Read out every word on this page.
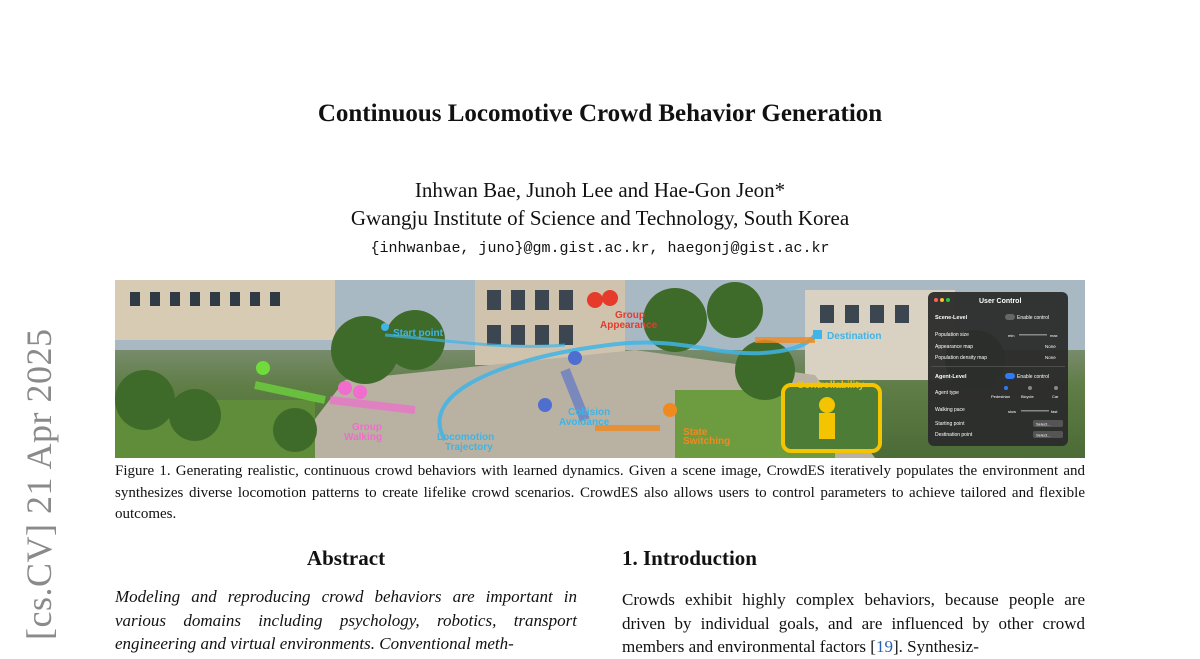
[cs.CV] 21 Apr 2025
Continuous Locomotive Crowd Behavior Generation
Inhwan Bae, Junoh Lee and Hae-Gon Jeon*
Gwangju Institute of Science and Technology, South Korea
{inhwanbae, juno}@gm.gist.ac.kr, haegonj@gist.ac.kr
Start point	Destination
Group
Appearance
Group
Walking	Locomotion
Trajectory
Collision
Avoidance
State
Switching
Controllability
User Control
Scene-Level	Enable control
Population size	min	max
Appearance map	None
Population density map	None
Agent-Level	Enable control
Agent type
Pedestrian	Bicycle	Car
Walking pace	slow	fast
Starting point	Select...
Destination point	Select...
Figure 1. Generating realistic, continuous crowd behaviors with learned dynamics. Given a scene image, CrowdES iteratively populates the environment and synthesizes diverse locomotion patterns to create lifelike crowd scenarios. CrowdES also allows users to control parameters to achieve tailored and flexible outcomes.
Abstract
Modeling and reproducing crowd behaviors are important in various domains including psychology, robotics, transport engineering and virtual environments. Conventional meth-
1. Introduction
Crowds exhibit highly complex behaviors, because people are driven by individual goals, and are influenced by other crowd members and environmental factors [19]. Synthesiz-
